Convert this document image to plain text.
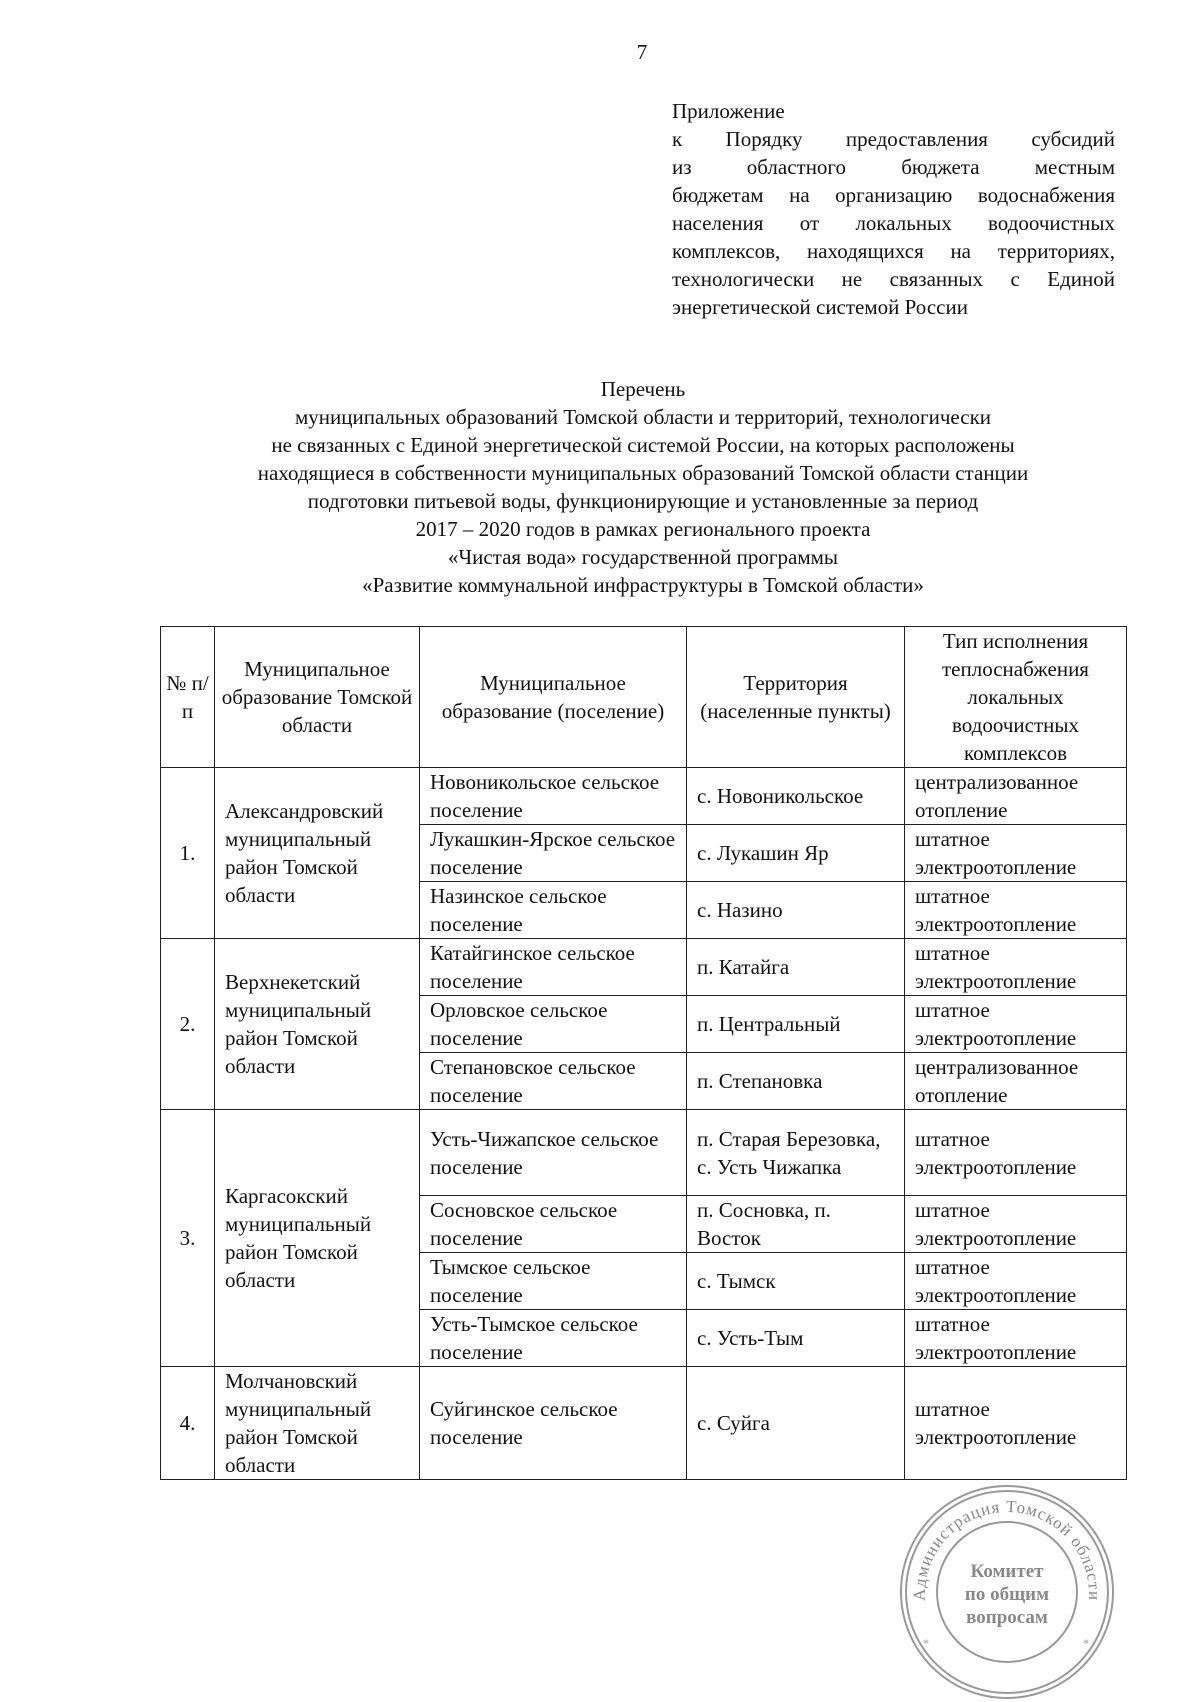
7
Приложение
к Порядку предоставления субсидий
из областного бюджета местным
бюджетам на организацию водоснабжения
населения от локальных водоочистных
комплексов, находящихся на территориях,
технологически не связанных с Единой
энергетической системой России
Перечень
муниципальных образований Томской области и территорий, технологически
не связанных с Единой энергетической системой России, на которых расположены
находящиеся в собственности муниципальных образований Томской области станции
подготовки питьевой воды, функционирующие и установленные за период
2017 – 2020 годов в рамках регионального проекта
«Чистая вода» государственной программы
«Развитие коммунальной инфраструктуры в Томской области»
№ п/п	Муниципальное образование Томской области	Муниципальное образование (поселение)	Территория (населенные пункты)	Тип исполнения теплоснабжения локальных водоочистных комплексов
1.	Александровский муниципальный район Томской области	Новоникольское сельское поселение	с. Новоникольское	централизованное отопление
		Лукашкин-Ярское сельское поселение	с. Лукашин Яр	штатное электроотопление
		Назинское сельское поселение	с. Назино	штатное электроотопление
2.	Верхнекетский муниципальный район Томской области	Катайгинское сельское поселение	п. Катайга	штатное электроотопление
		Орловское сельское поселение	п. Центральный	штатное электроотопление
		Степановское сельское поселение	п. Степановка	централизованное отопление
3.	Каргасокский муниципальный район Томской области	Усть-Чижапское сельское поселение	п. Старая Березовка, с. Усть Чижапка	штатное электроотопление
		Сосновское сельское поселение	п. Сосновка, п. Восток	штатное электроотопление
		Тымское сельское поселение	с. Тымск	штатное электроотопление
		Усть-Тымское сельское поселение	с. Усть-Тым	штатное электроотопление
4.	Молчановский муниципальный район Томской области	Суйгинское сельское поселение	с. Суйга	штатное электроотопление
Администрация Томской области
*	*
Комитет
по общим
вопросам
